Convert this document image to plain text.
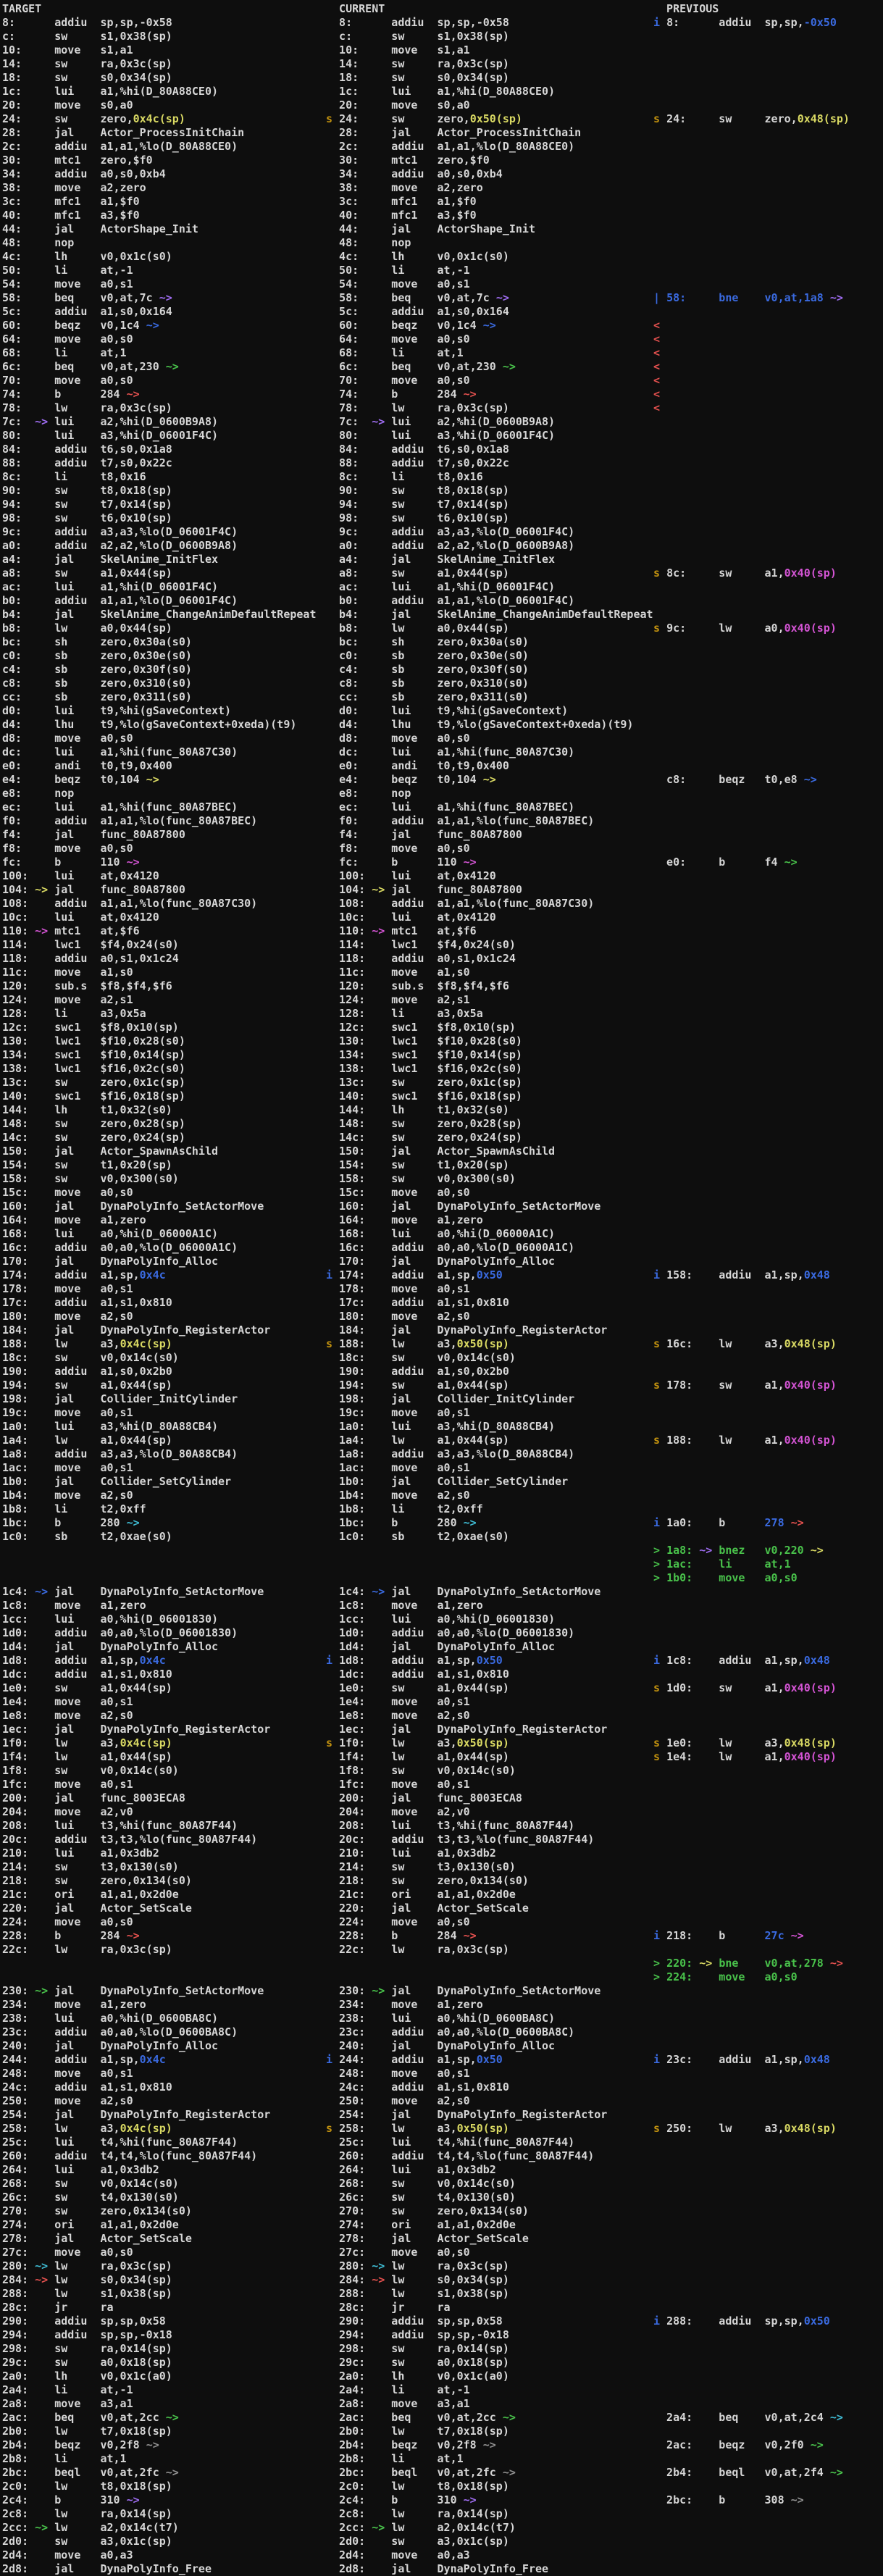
TARGET
8:      addiu  sp,sp,-0x58
c:      sw     s1,0x38(sp)
10:     move   s1,a1
14:     sw     ra,0x3c(sp)
18:     sw     s0,0x34(sp)
1c:     lui    a1,%hi(D_80A88CE0)
20:     move   s0,a0
24:     sw     zero,0x4c(sp)
28:     jal    Actor_ProcessInitChain
2c:     addiu  a1,a1,%lo(D_80A88CE0)
30:     mtc1   zero,$f0
34:     addiu  a0,s0,0xb4
38:     move   a2,zero
3c:     mfc1   a1,$f0
40:     mfc1   a3,$f0
44:     jal    ActorShape_Init
48:     nop
4c:     lh     v0,0x1c(s0)
50:     li     at,-1
54:     move   a0,s1
58:     beq    v0,at,7c ~>
5c:     addiu  a1,s0,0x164
60:     beqz   v0,1c4 ~>
64:     move   a0,s0
68:     li     at,1
6c:     beq    v0,at,230 ~>
70:     move   a0,s0
74:     b      284 ~>
78:     lw     ra,0x3c(sp)
7c:  ~> lui    a2,%hi(D_0600B9A8)
80:     lui    a3,%hi(D_06001F4C)
84:     addiu  t6,s0,0x1a8
88:     addiu  t7,s0,0x22c
8c:     li     t8,0x16
90:     sw     t8,0x18(sp)
94:     sw     t7,0x14(sp)
98:     sw     t6,0x10(sp)
9c:     addiu  a3,a3,%lo(D_06001F4C)
a0:     addiu  a2,a2,%lo(D_0600B9A8)
a4:     jal    SkelAnime_InitFlex
a8:     sw     a1,0x44(sp)
ac:     lui    a1,%hi(D_06001F4C)
b0:     addiu  a1,a1,%lo(D_06001F4C)
b4:     jal    SkelAnime_ChangeAnimDefaultRepeat
b8:     lw     a0,0x44(sp)
bc:     sh     zero,0x30a(s0)
c0:     sb     zero,0x30e(s0)
c4:     sb     zero,0x30f(s0)
c8:     sb     zero,0x310(s0)
cc:     sb     zero,0x311(s0)
d0:     lui    t9,%hi(gSaveContext)
d4:     lhu    t9,%lo(gSaveContext+0xeda)(t9)
d8:     move   a0,s0
dc:     lui    a1,%hi(func_80A87C30)
e0:     andi   t0,t9,0x400
e4:     beqz   t0,104 ~>
e8:     nop
ec:     lui    a1,%hi(func_80A87BEC)
f0:     addiu  a1,a1,%lo(func_80A87BEC)
f4:     jal    func_80A87800
f8:     move   a0,s0
fc:     b      110 ~>
100:    lui    at,0x4120
104: ~> jal    func_80A87800
108:    addiu  a1,a1,%lo(func_80A87C30)
10c:    lui    at,0x4120
110: ~> mtc1   at,$f6
114:    lwc1   $f4,0x24(s0)
118:    addiu  a0,s1,0x1c24
11c:    move   a1,s0
120:    sub.s  $f8,$f4,$f6
124:    move   a2,s1
128:    li     a3,0x5a
12c:    swc1   $f8,0x10(sp)
130:    lwc1   $f10,0x28(s0)
134:    swc1   $f10,0x14(sp)
138:    lwc1   $f16,0x2c(s0)
13c:    sw     zero,0x1c(sp)
140:    swc1   $f16,0x18(sp)
144:    lh     t1,0x32(s0)
148:    sw     zero,0x28(sp)
14c:    sw     zero,0x24(sp)
150:    jal    Actor_SpawnAsChild
154:    sw     t1,0x20(sp)
158:    sw     v0,0x300(s0)
15c:    move   a0,s0
160:    jal    DynaPolyInfo_SetActorMove
164:    move   a1,zero
168:    lui    a0,%hi(D_06000A1C)
16c:    addiu  a0,a0,%lo(D_06000A1C)
170:    jal    DynaPolyInfo_Alloc
174:    addiu  a1,sp,0x4c
178:    move   a0,s1
17c:    addiu  a1,s1,0x810
180:    move   a2,s0
184:    jal    DynaPolyInfo_RegisterActor
188:    lw     a3,0x4c(sp)
18c:    sw     v0,0x14c(s0)
190:    addiu  a1,s0,0x2b0
194:    sw     a1,0x44(sp)
198:    jal    Collider_InitCylinder
19c:    move   a0,s1
1a0:    lui    a3,%hi(D_80A88CB4)
1a4:    lw     a1,0x44(sp)
1a8:    addiu  a3,a3,%lo(D_80A88CB4)
1ac:    move   a0,s1
1b0:    jal    Collider_SetCylinder
1b4:    move   a2,s0
1b8:    li     t2,0xff
1bc:    b      280 ~>
1c0:    sb     t2,0xae(s0)
1c4: ~> jal    DynaPolyInfo_SetActorMove
1c8:    move   a1,zero
1cc:    lui    a0,%hi(D_06001830)
1d0:    addiu  a0,a0,%lo(D_06001830)
1d4:    jal    DynaPolyInfo_Alloc
1d8:    addiu  a1,sp,0x4c
1dc:    addiu  a1,s1,0x810
1e0:    sw     a1,0x44(sp)
1e4:    move   a0,s1
1e8:    move   a2,s0
1ec:    jal    DynaPolyInfo_RegisterActor
1f0:    lw     a3,0x4c(sp)
1f4:    lw     a1,0x44(sp)
1f8:    sw     v0,0x14c(s0)
1fc:    move   a0,s1
200:    jal    func_8003ECA8
204:    move   a2,v0
208:    lui    t3,%hi(func_80A87F44)
20c:    addiu  t3,t3,%lo(func_80A87F44)
210:    lui    a1,0x3db2
214:    sw     t3,0x130(s0)
218:    sw     zero,0x134(s0)
21c:    ori    a1,a1,0x2d0e
220:    jal    Actor_SetScale
224:    move   a0,s0
228:    b      284 ~>
22c:    lw     ra,0x3c(sp)
230: ~> jal    DynaPolyInfo_SetActorMove
234:    move   a1,zero
238:    lui    a0,%hi(D_0600BA8C)
23c:    addiu  a0,a0,%lo(D_0600BA8C)
240:    jal    DynaPolyInfo_Alloc
244:    addiu  a1,sp,0x4c
248:    move   a0,s1
24c:    addiu  a1,s1,0x810
250:    move   a2,s0
254:    jal    DynaPolyInfo_RegisterActor
258:    lw     a3,0x4c(sp)
25c:    lui    t4,%hi(func_80A87F44)
260:    addiu  t4,t4,%lo(func_80A87F44)
264:    lui    a1,0x3db2
268:    sw     v0,0x14c(s0)
26c:    sw     t4,0x130(s0)
270:    sw     zero,0x134(s0)
274:    ori    a1,a1,0x2d0e
278:    jal    Actor_SetScale
27c:    move   a0,s0
280: ~> lw     ra,0x3c(sp)
284: ~> lw     s0,0x34(sp)
288:    lw     s1,0x38(sp)
28c:    jr     ra
290:    addiu  sp,sp,0x58
294:    addiu  sp,sp,-0x18
298:    sw     ra,0x14(sp)
29c:    sw     a0,0x18(sp)
2a0:    lh     v0,0x1c(a0)
2a4:    li     at,-1
2a8:    move   a3,a1
2ac:    beq    v0,at,2cc ~>
2b0:    lw     t7,0x18(sp)
2b4:    beqz   v0,2f8 ~>
2b8:    li     at,1
2bc:    beql   v0,at,2fc ~>
2c0:    lw     t8,0x18(sp)
2c4:    b      310 ~>
2c8:    lw     ra,0x14(sp)
2cc: ~> lw     a2,0x14c(t7)
2d0:    sw     a3,0x1c(sp)
2d4:    move   a0,a3
2d8:    jal    DynaPolyInfo_Free
CURRENT
8:      addiu  sp,sp,-0x58
c:      sw     s1,0x38(sp)
10:     move   s1,a1
14:     sw     ra,0x3c(sp)
18:     sw     s0,0x34(sp)
1c:     lui    a1,%hi(D_80A88CE0)
20:     move   s0,a0
s 24:     sw     zero,0x50(sp)
28:     jal    Actor_ProcessInitChain
2c:     addiu  a1,a1,%lo(D_80A88CE0)
30:     mtc1   zero,$f0
34:     addiu  a0,s0,0xb4
38:     move   a2,zero
3c:     mfc1   a1,$f0
40:     mfc1   a3,$f0
44:     jal    ActorShape_Init
48:     nop
4c:     lh     v0,0x1c(s0)
50:     li     at,-1
54:     move   a0,s1
58:     beq    v0,at,7c ~>
5c:     addiu  a1,s0,0x164
60:     beqz   v0,1c4 ~>
64:     move   a0,s0
68:     li     at,1
6c:     beq    v0,at,230 ~>
70:     move   a0,s0
74:     b      284 ~>
78:     lw     ra,0x3c(sp)
7c:  ~> lui    a2,%hi(D_0600B9A8)
80:     lui    a3,%hi(D_06001F4C)
84:     addiu  t6,s0,0x1a8
88:     addiu  t7,s0,0x22c
8c:     li     t8,0x16
90:     sw     t8,0x18(sp)
94:     sw     t7,0x14(sp)
98:     sw     t6,0x10(sp)
9c:     addiu  a3,a3,%lo(D_06001F4C)
a0:     addiu  a2,a2,%lo(D_0600B9A8)
a4:     jal    SkelAnime_InitFlex
a8:     sw     a1,0x44(sp)
ac:     lui    a1,%hi(D_06001F4C)
b0:     addiu  a1,a1,%lo(D_06001F4C)
b4:     jal    SkelAnime_ChangeAnimDefaultRepeat
b8:     lw     a0,0x44(sp)
bc:     sh     zero,0x30a(s0)
c0:     sb     zero,0x30e(s0)
c4:     sb     zero,0x30f(s0)
c8:     sb     zero,0x310(s0)
cc:     sb     zero,0x311(s0)
d0:     lui    t9,%hi(gSaveContext)
d4:     lhu    t9,%lo(gSaveContext+0xeda)(t9)
d8:     move   a0,s0
dc:     lui    a1,%hi(func_80A87C30)
e0:     andi   t0,t9,0x400
e4:     beqz   t0,104 ~>
e8:     nop
ec:     lui    a1,%hi(func_80A87BEC)
f0:     addiu  a1,a1,%lo(func_80A87BEC)
f4:     jal    func_80A87800
f8:     move   a0,s0
fc:     b      110 ~>
100:    lui    at,0x4120
104: ~> jal    func_80A87800
108:    addiu  a1,a1,%lo(func_80A87C30)
10c:    lui    at,0x4120
110: ~> mtc1   at,$f6
114:    lwc1   $f4,0x24(s0)
118:    addiu  a0,s1,0x1c24
11c:    move   a1,s0
120:    sub.s  $f8,$f4,$f6
124:    move   a2,s1
128:    li     a3,0x5a
12c:    swc1   $f8,0x10(sp)
130:    lwc1   $f10,0x28(s0)
134:    swc1   $f10,0x14(sp)
138:    lwc1   $f16,0x2c(s0)
13c:    sw     zero,0x1c(sp)
140:    swc1   $f16,0x18(sp)
144:    lh     t1,0x32(s0)
148:    sw     zero,0x28(sp)
14c:    sw     zero,0x24(sp)
150:    jal    Actor_SpawnAsChild
154:    sw     t1,0x20(sp)
158:    sw     v0,0x300(s0)
15c:    move   a0,s0
160:    jal    DynaPolyInfo_SetActorMove
164:    move   a1,zero
168:    lui    a0,%hi(D_06000A1C)
16c:    addiu  a0,a0,%lo(D_06000A1C)
170:    jal    DynaPolyInfo_Alloc
i 174:    addiu  a1,sp,0x50
178:    move   a0,s1
17c:    addiu  a1,s1,0x810
180:    move   a2,s0
184:    jal    DynaPolyInfo_RegisterActor
s 188:    lw     a3,0x50(sp)
18c:    sw     v0,0x14c(s0)
190:    addiu  a1,s0,0x2b0
194:    sw     a1,0x44(sp)
198:    jal    Collider_InitCylinder
19c:    move   a0,s1
1a0:    lui    a3,%hi(D_80A88CB4)
1a4:    lw     a1,0x44(sp)
1a8:    addiu  a3,a3,%lo(D_80A88CB4)
1ac:    move   a0,s1
1b0:    jal    Collider_SetCylinder
1b4:    move   a2,s0
1b8:    li     t2,0xff
1bc:    b      280 ~>
1c0:    sb     t2,0xae(s0)
1c4: ~> jal    DynaPolyInfo_SetActorMove
1c8:    move   a1,zero
1cc:    lui    a0,%hi(D_06001830)
1d0:    addiu  a0,a0,%lo(D_06001830)
1d4:    jal    DynaPolyInfo_Alloc
i 1d8:    addiu  a1,sp,0x50
1dc:    addiu  a1,s1,0x810
1e0:    sw     a1,0x44(sp)
1e4:    move   a0,s1
1e8:    move   a2,s0
1ec:    jal    DynaPolyInfo_RegisterActor
s 1f0:    lw     a3,0x50(sp)
1f4:    lw     a1,0x44(sp)
1f8:    sw     v0,0x14c(s0)
1fc:    move   a0,s1
200:    jal    func_8003ECA8
204:    move   a2,v0
208:    lui    t3,%hi(func_80A87F44)
20c:    addiu  t3,t3,%lo(func_80A87F44)
210:    lui    a1,0x3db2
214:    sw     t3,0x130(s0)
218:    sw     zero,0x134(s0)
21c:    ori    a1,a1,0x2d0e
220:    jal    Actor_SetScale
224:    move   a0,s0
228:    b      284 ~>
22c:    lw     ra,0x3c(sp)
230: ~> jal    DynaPolyInfo_SetActorMove
234:    move   a1,zero
238:    lui    a0,%hi(D_0600BA8C)
23c:    addiu  a0,a0,%lo(D_0600BA8C)
240:    jal    DynaPolyInfo_Alloc
i 244:    addiu  a1,sp,0x50
248:    move   a0,s1
24c:    addiu  a1,s1,0x810
250:    move   a2,s0
254:    jal    DynaPolyInfo_RegisterActor
s 258:    lw     a3,0x50(sp)
25c:    lui    t4,%hi(func_80A87F44)
260:    addiu  t4,t4,%lo(func_80A87F44)
264:    lui    a1,0x3db2
268:    sw     v0,0x14c(s0)
26c:    sw     t4,0x130(s0)
270:    sw     zero,0x134(s0)
274:    ori    a1,a1,0x2d0e
278:    jal    Actor_SetScale
27c:    move   a0,s0
280: ~> lw     ra,0x3c(sp)
284: ~> lw     s0,0x34(sp)
288:    lw     s1,0x38(sp)
28c:    jr     ra
290:    addiu  sp,sp,0x58
294:    addiu  sp,sp,-0x18
298:    sw     ra,0x14(sp)
29c:    sw     a0,0x18(sp)
2a0:    lh     v0,0x1c(a0)
2a4:    li     at,-1
2a8:    move   a3,a1
2ac:    beq    v0,at,2cc ~>
2b0:    lw     t7,0x18(sp)
2b4:    beqz   v0,2f8 ~>
2b8:    li     at,1
2bc:    beql   v0,at,2fc ~>
2c0:    lw     t8,0x18(sp)
2c4:    b      310 ~>
2c8:    lw     ra,0x14(sp)
2cc: ~> lw     a2,0x14c(t7)
2d0:    sw     a3,0x1c(sp)
2d4:    move   a0,a3
2d8:    jal    DynaPolyInfo_Free
PREVIOUS
i 8:      addiu  sp,sp,-0x50
s 24:     sw     zero,0x48(sp)
| 58:     bne    v0,at,1a8 ~>
<
<
<
<
<
<
<
s 8c:     sw     a1,0x40(sp)
s 9c:     lw     a0,0x40(sp)
c8:     beqz   t0,e8 ~>
e0:     b      f4 ~>
i 158:    addiu  a1,sp,0x48
s 16c:    lw     a3,0x48(sp)
s 178:    sw     a1,0x40(sp)
s 188:    lw     a1,0x40(sp)
i 1a0:    b      278 ~>
> 1a8: ~> bnez   v0,220 ~>
> 1ac:    li     at,1
> 1b0:    move   a0,s0
i 1c8:    addiu  a1,sp,0x48
s 1d0:    sw     a1,0x40(sp)
s 1e0:    lw     a3,0x48(sp)
s 1e4:    lw     a1,0x40(sp)
i 218:    b      27c ~>
> 220: ~> bne    v0,at,278 ~>
> 224:    move   a0,s0
i 23c:    addiu  a1,sp,0x48
s 250:    lw     a3,0x48(sp)
i 288:    addiu  sp,sp,0x50
2a4:    beq    v0,at,2c4 ~>
2ac:    beqz   v0,2f0 ~>
2b4:    beql   v0,at,2f4 ~>
2bc:    b      308 ~>
